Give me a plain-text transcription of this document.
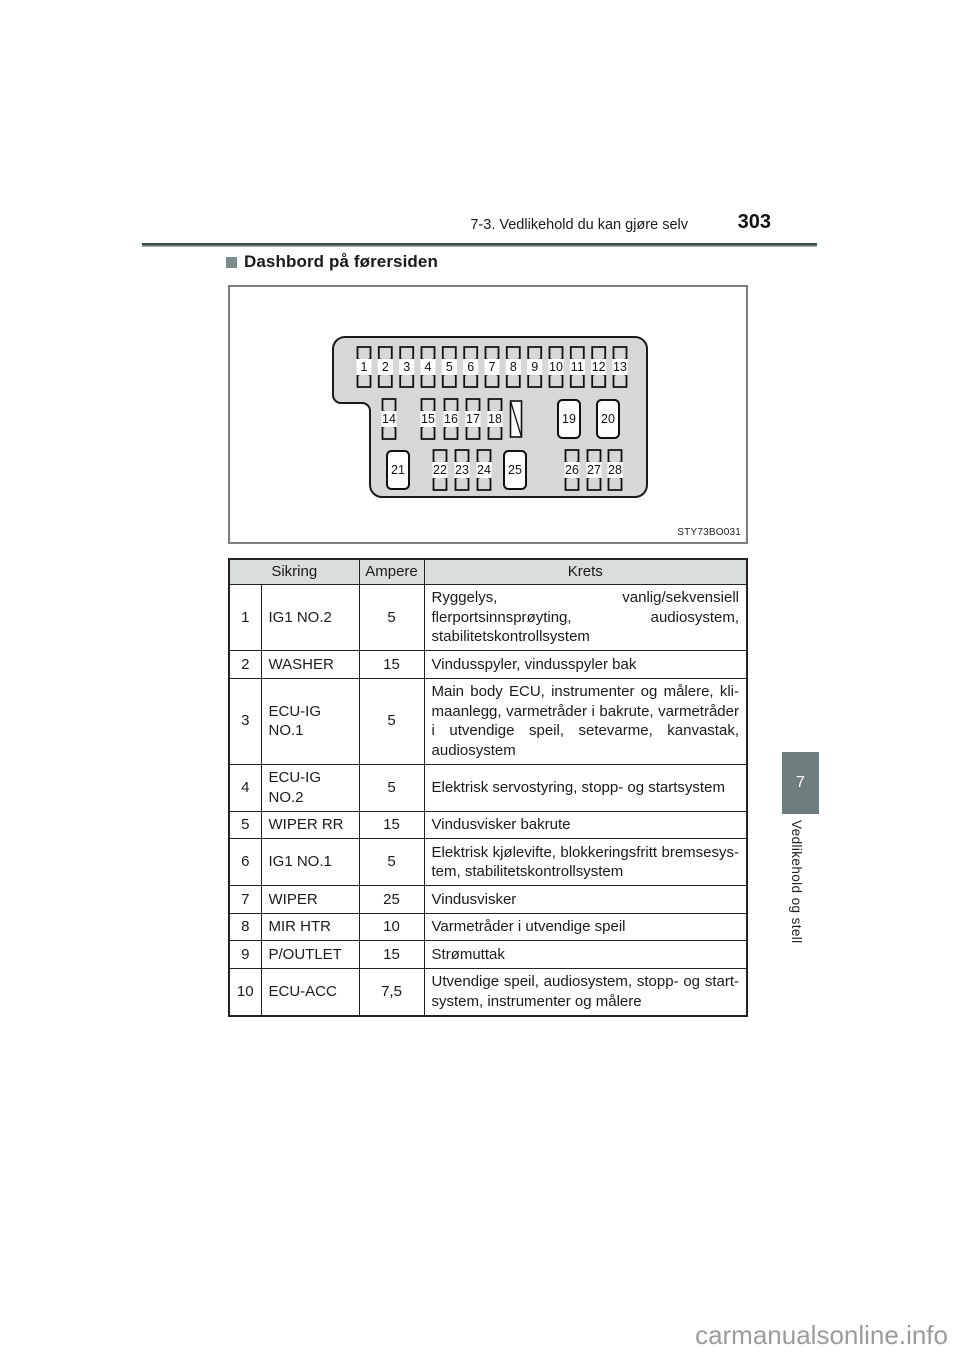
7-3. Vedlikehold du kan gjøre selv 303
Dashbord på førersiden
1 2 3 4 5 6 7 8 9 10 11 12 13
14 15 16 17 18	19 20
21 22 23 24 25	26 27 28
STY73BO031
Sikring		Ampere	Krets
1	IG1 NO.2	5	Ryggelys, vanlig/sekvensiell flerportsinnsprøyting, audiosystem, stabilitetskontrollsystem
2	WASHER	15	Vindusspyler, vindusspyler bak
3	ECU-IG NO.1	5	Main body ECU, instrumenter og målere, klimaanlegg, varmetråder i bakrute, varmetråder i utvendige speil, setevarme, kanvastak, audiosystem
4	ECU-IG NO.2	5	Elektrisk servostyring, stopp- og startsystem
5	WIPER RR	15	Vindusvisker bakrute
6	IG1 NO.1	5	Elektrisk kjølevifte, blokkeringsfritt bremsesystem, stabilitetskontrollsystem
7	WIPER	25	Vindusvisker
8	MIR HTR	10	Varmetråder i utvendige speil
9	P/OUTLET	15	Strømuttak
10	ECU-ACC	7,5	Utvendige speil, audiosystem, stopp- og startsystem, instrumenter og målere
7
Vedlikehold og stell
carmanualsonline.info
